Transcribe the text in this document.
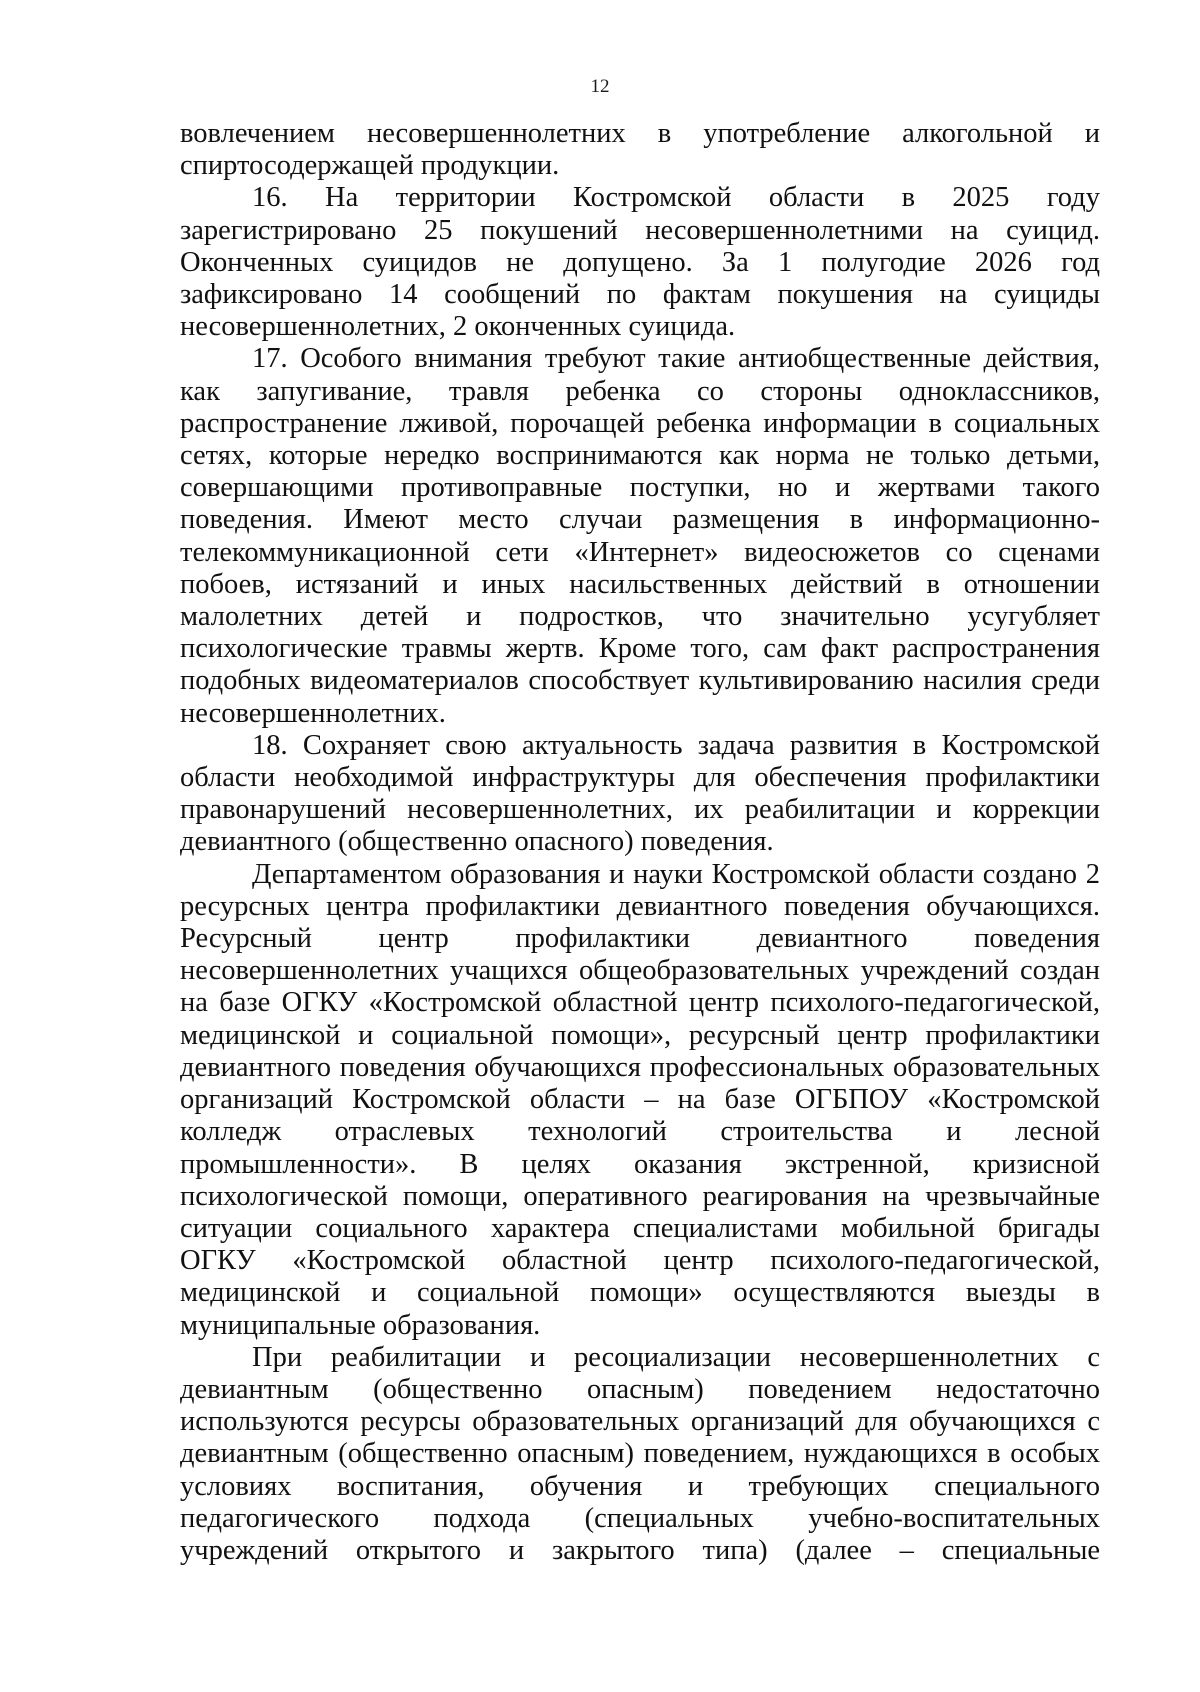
12

вовлечением несовершеннолетних в употребление алкогольной и спиртосодержащей продукции.

16. На территории Костромской области в 2025 году зарегистрировано 25 покушений несовершеннолетними на суицид. Оконченных суицидов не допущено. За 1 полугодие 2026 год зафиксировано 14 сообщений по фактам покушения на суициды несовершеннолетних, 2 оконченных суицида.

17. Особого внимания требуют такие антиобщественные действия, как запугивание, травля ребенка со стороны одноклассников, распространение лживой, порочащей ребенка информации в социальных сетях, которые нередко воспринимаются как норма не только детьми, совершающими противоправные поступки, но и жертвами такого поведения. Имеют место случаи размещения в информационно-телекоммуникационной сети «Интернет» видеосюжетов со сценами побоев, истязаний и иных насильственных действий в отношении малолетних детей и подростков, что значительно усугубляет психологические травмы жертв. Кроме того, сам факт распространения подобных видеоматериалов способствует культивированию насилия среди несовершеннолетних.

18. Сохраняет свою актуальность задача развития в Костромской области необходимой инфраструктуры для обеспечения профилактики правонарушений несовершеннолетних, их реабилитации и коррекции девиантного (общественно опасного) поведения.

Департаментом образования и науки Костромской области создано 2 ресурсных центра профилактики девиантного поведения обучающихся. Ресурсный центр профилактики девиантного поведения несовершеннолетних учащихся общеобразовательных учреждений создан на базе ОГКУ «Костромской областной центр психолого-педагогической, медицинской и социальной помощи», ресурсный центр профилактики девиантного поведения обучающихся профессиональных образовательных организаций Костромской области – на базе ОГБПОУ «Костромской колледж отраслевых технологий строительства и лесной промышленности». В целях оказания экстренной, кризисной психологической помощи, оперативного реагирования на чрезвычайные ситуации социального характера специалистами мобильной бригады ОГКУ «Костромской областной центр психолого-педагогической, медицинской и социальной помощи» осуществляются выезды в муниципальные образования.

При реабилитации и ресоциализации несовершеннолетних с девиантным (общественно опасным) поведением недостаточно используются ресурсы образовательных организаций для обучающихся с девиантным (общественно опасным) поведением, нуждающихся в особых условиях воспитания, обучения и требующих специального педагогического подхода (специальных учебно-воспитательных учреждений открытого и закрытого типа) (далее – специальные
